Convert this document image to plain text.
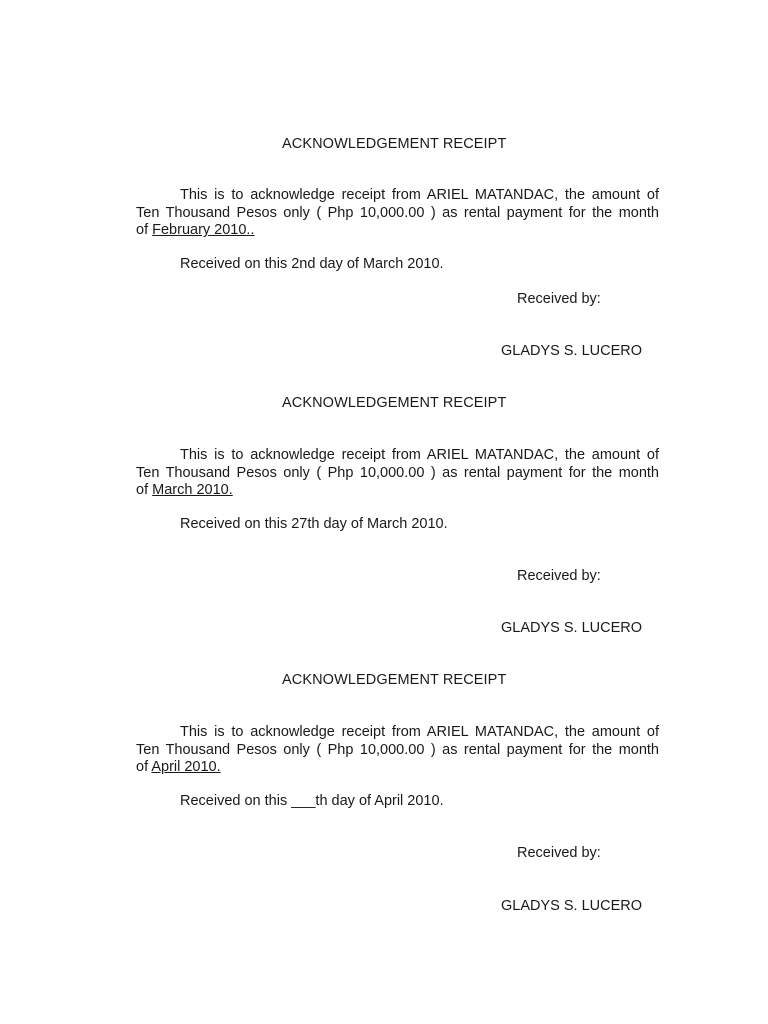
ACKNOWLEDGEMENT RECEIPT
This is to acknowledge receipt from ARIEL MATANDAC, the amount of
Ten Thousand Pesos only ( Php 10,000.00 ) as rental payment for the month
of February 2010..
Received on this 2nd day of March 2010.
Received by:
GLADYS S. LUCERO
ACKNOWLEDGEMENT RECEIPT
This is to acknowledge receipt from ARIEL MATANDAC, the amount of
Ten Thousand Pesos only ( Php 10,000.00 ) as rental payment for the month
of March 2010.
Received on this 27th day of March 2010.
Received by:
GLADYS S. LUCERO
ACKNOWLEDGEMENT RECEIPT
This is to acknowledge receipt from ARIEL MATANDAC, the amount of
Ten Thousand Pesos only ( Php 10,000.00 ) as rental payment for the month
of April 2010.
Received on this ___th day of April 2010.
Received by:
GLADYS S. LUCERO
